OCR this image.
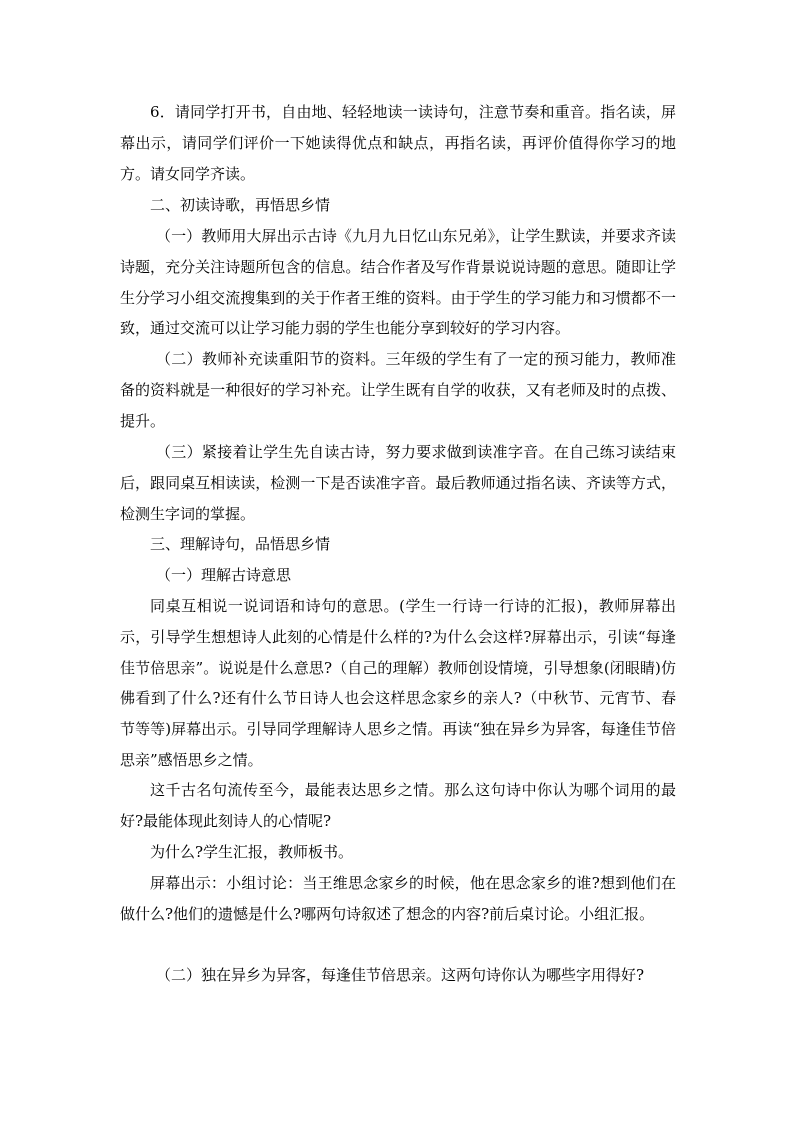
6．请同学打开书，自由地、轻轻地读一读诗句，注意节奏和重音。指名读，屏幕出示，请同学们评价一下她读得优点和缺点，再指名读，再评价值得你学习的地方。请女同学齐读。

二、初读诗歌，再悟思乡情

（一）教师用大屏出示古诗《九月九日忆山东兄弟》，让学生默读，并要求齐读诗题，充分关注诗题所包含的信息。结合作者及写作背景说说诗题的意思。随即让学生分学习小组交流搜集到的关于作者王维的资料。由于学生的学习能力和习惯都不一致，通过交流可以让学习能力弱的学生也能分享到较好的学习内容。

（二）教师补充读重阳节的资料。三年级的学生有了一定的预习能力，教师准备的资料就是一种很好的学习补充。让学生既有自学的收获，又有老师及时的点拨、提升。

（三）紧接着让学生先自读古诗，努力要求做到读准字音。在自己练习读结束后，跟同桌互相读读，检测一下是否读准字音。最后教师通过指名读、齐读等方式，检测生字词的掌握。

三、理解诗句，品悟思乡情

（一）理解古诗意思

同桌互相说一说词语和诗句的意思。(学生一行诗一行诗的汇报)，教师屏幕出示，引导学生想想诗人此刻的心情是什么样的?为什么会这样?屏幕出示，引读“每逢佳节倍思亲”。说说是什么意思?（自己的理解）教师创设情境，引导想象(闭眼睛)仿佛看到了什么?还有什么节日诗人也会这样思念家乡的亲人?（中秋节、元宵节、春节等等)屏幕出示。引导同学理解诗人思乡之情。再读“独在异乡为异客，每逢佳节倍思亲”感悟思乡之情。

这千古名句流传至今，最能表达思乡之情。那么这句诗中你认为哪个词用的最好?最能体现此刻诗人的心情呢?

为什么?学生汇报，教师板书。

屏幕出示：小组讨论：当王维思念家乡的时候，他在思念家乡的谁?想到他们在做什么?他们的遗憾是什么?哪两句诗叙述了想念的内容?前后桌讨论。小组汇报。

（二）独在异乡为异客，每逢佳节倍思亲。这两句诗你认为哪些字用得好?
